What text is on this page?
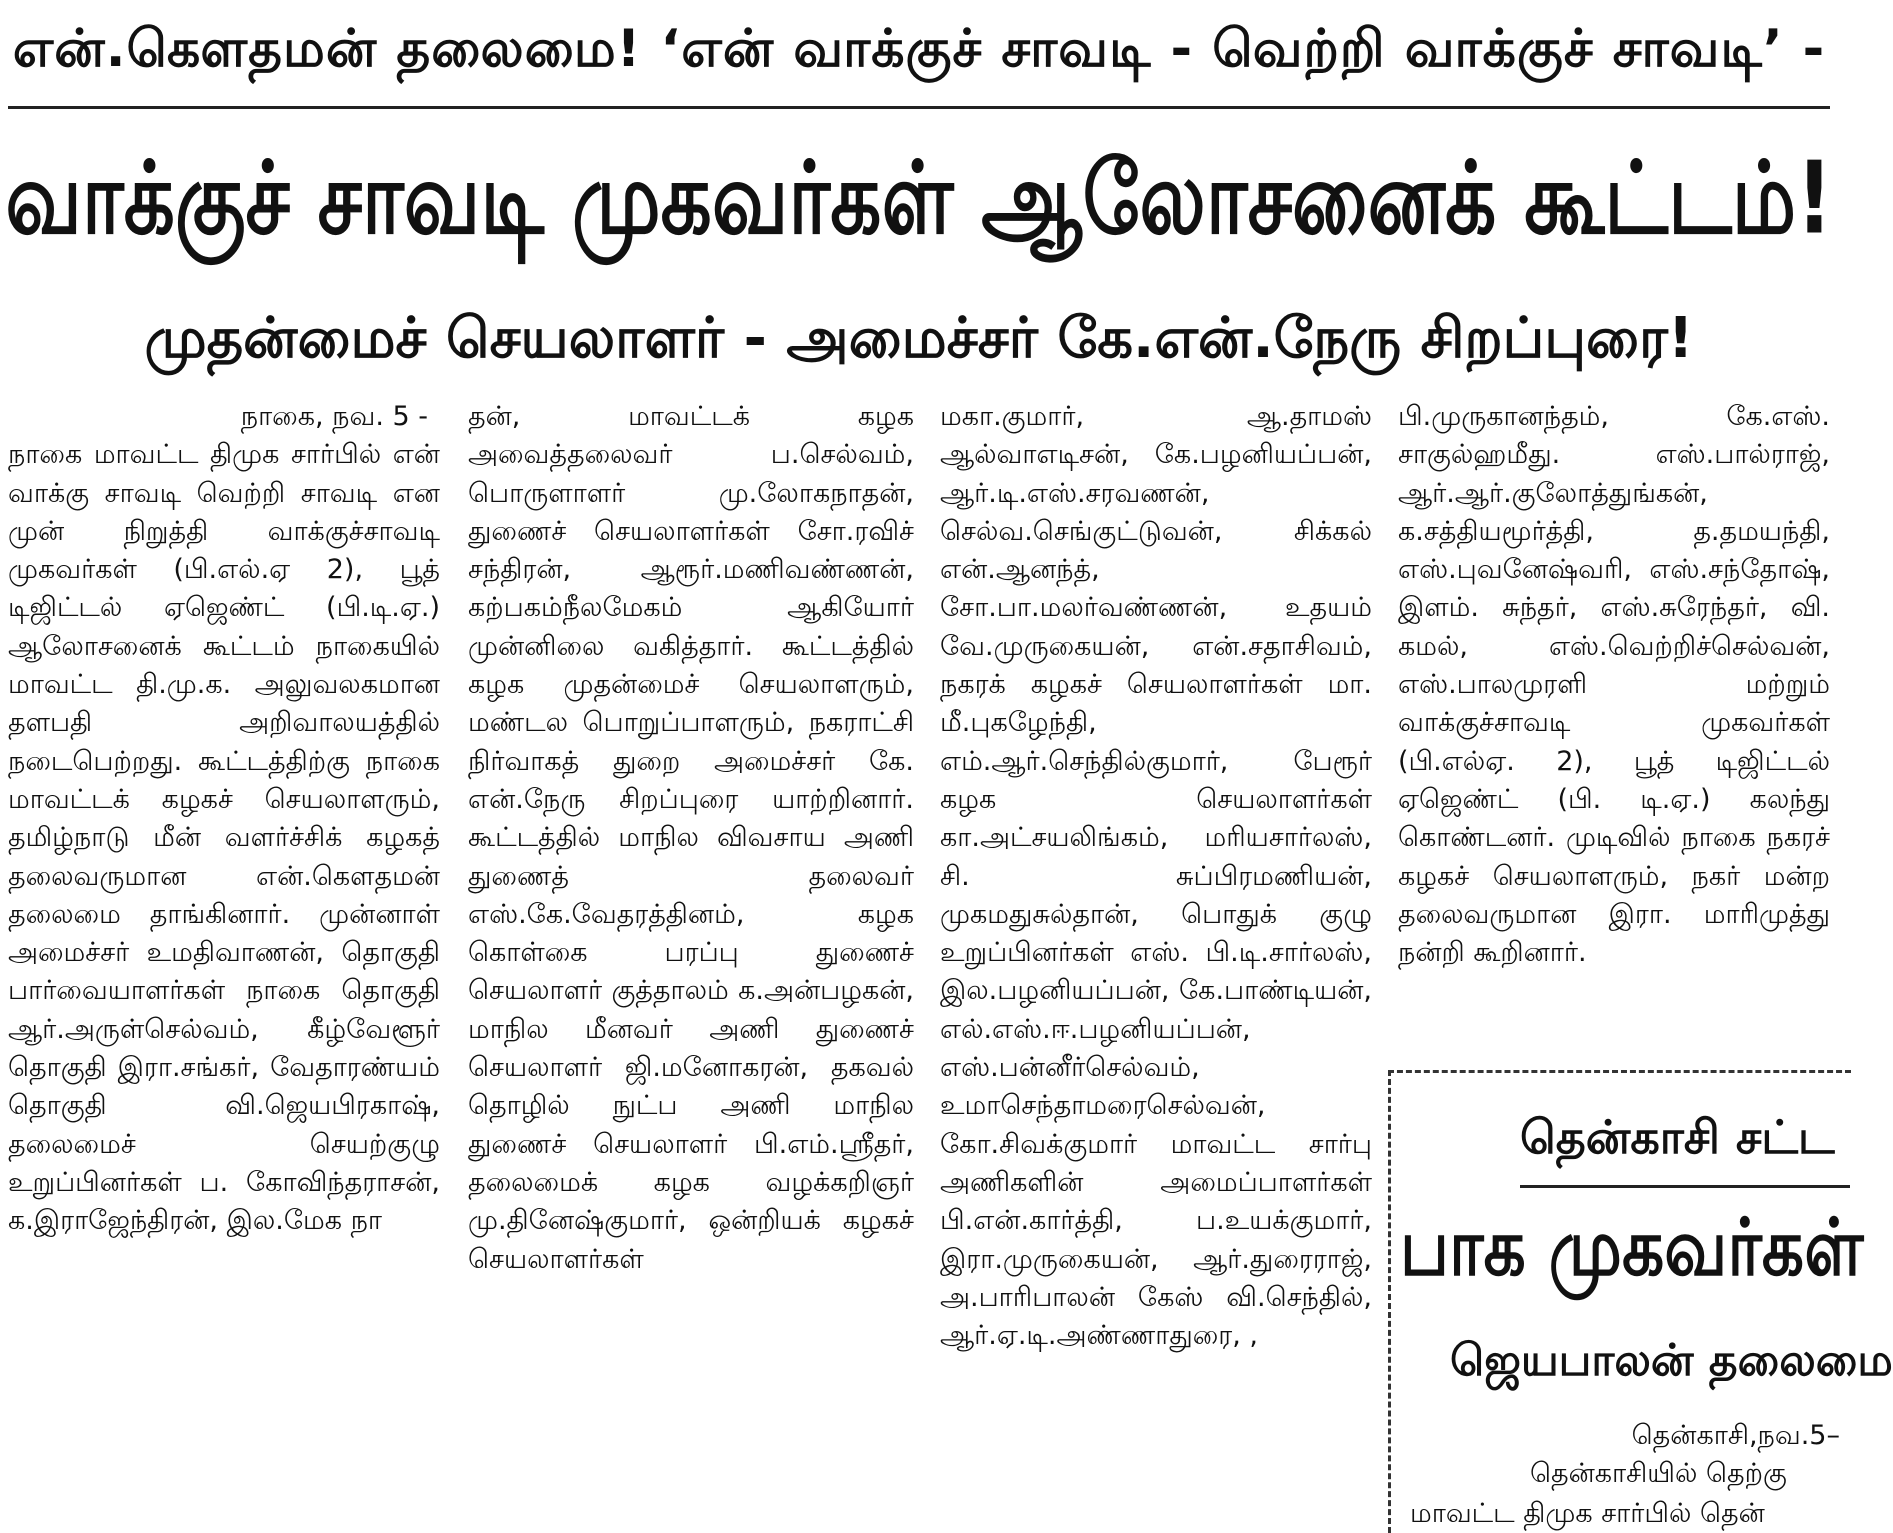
என்.கௌதமன் தலைமை! ‘என் வாக்குச் சாவடி - வெற்றி வாக்குச் சாவடி’ -
வாக்குச் சாவடி முகவர்கள் ஆலோசனைக் கூட்டம்!
முதன்மைச் செயலாளர் - அமைச்சர் கே.என்.நேரு சிறப்புரை!

நாகை, நவ. 5 -

நாகை மாவட்ட திமுக சார்பில் என் வாக்கு சாவடி வெற்றி சாவடி என முன் நிறுத்தி வாக்குச்சாவடி முகவர்கள் (பி.எல்.ஏ 2), பூத் டிஜிட்டல் ஏஜெண்ட் (பி.டி.ஏ.) ஆலோசனைக் கூட்டம் நாகையில் மாவட்ட தி.மு.க. அலுவலகமான தளபதி அறிவாலயத்தில் நடைபெற்றது. கூட்டத்திற்கு நாகை மாவட்டக் கழகச் செயலாளரும், தமிழ்நாடு மீன் வளர்ச்சிக் கழகத் தலைவருமான என்.கௌதமன் தலைமை தாங்கினார். முன்னாள் அமைச்சர் உமதிவாணன், தொகுதி பார்வையாளர்கள் நாகை தொகுதி ஆர்.அருள்செல்வம், கீழ்வேளூர் தொகுதி இரா.சங்கர், வேதாரண்யம் தொகுதி வி.ஜெயபிரகாஷ், தலைமைச் செயற்குழு உறுப்பினர்கள் ப. கோவிந்தராசன், க.இராஜேந்திரன், இல.மேக நா

தன், மாவட்டக் கழக அவைத்தலைவர் ப.செல்வம், பொருளாளர் மு.லோகநாதன், துணைச் செயலாளர்கள் சோ.ரவிச் சந்திரன், ஆரூர்.மணிவண்ணன், கற்பகம்நீலமேகம் ஆகியோர் முன்னிலை வகித்தார். கூட்டத்தில் கழக முதன்மைச் செயலாளரும், மண்டல பொறுப்பாளரும், நகராட்சி நிர்வாகத் துறை அமைச்சர் கே. என்.நேரு சிறப்புரை யாற்றினார். கூட்டத்தில் மாநில விவசாய அணி துணைத் தலைவர் எஸ்.கே.வேதரத்தினம், கழக கொள்கை பரப்பு துணைச் செயலாளர் குத்தாலம் க.அன்பழகன், மாநில மீனவர் அணி துணைச் செயலாளர் ஜி.மனோகரன், தகவல் தொழில் நுட்ப அணி மாநில துணைச் செயலாளர் பி.எம்.ஸ்ரீதர், தலைமைக் கழக வழக்கறிஞர் மு.தினேஷ்குமார், ஒன்றியக் கழகச் செயலாளர்கள்

மகா.குமார், ஆ.தாமஸ் ஆல்வாஎடிசன், கே.பழனியப்பன், ஆர்.டி.எஸ்.சரவணன், செல்வ.செங்குட்டுவன், சிக்கல் என்.ஆனந்த், சோ.பா.மலர்வண்ணன், உதயம் வே.முருகையன், என்.சதாசிவம், நகரக் கழகச் செயலாளர்கள் மா. மீ.புகழேந்தி, எம்.ஆர்.செந்தில்குமார், பேரூர் கழக செயலாளர்கள் கா.அட்சயலிங்கம், மரியசார்லஸ், சி. சுப்பிரமணியன், முகமதுசுல்தான், பொதுக் குழு உறுப்பினர்கள் எஸ். பி.டி.சார்லஸ், இல.பழனியப்பன், கே.பாண்டியன், எல்.எஸ்.ஈ.பழனியப்பன், எஸ்.பன்னீர்செல்வம், உமாசெந்தாமரைசெல்வன், கோ.சிவக்குமார் மாவட்ட சார்பு அணிகளின் அமைப்பாளர்கள் பி.என்.கார்த்தி, ப.உயக்குமார், இரா.முருகையன், ஆர்.துரைராஜ், அ.பாரிபாலன் கேஸ் வி.செந்தில், ஆர்.ஏ.டி.அண்ணாதுரை, ,

பி.முருகானந்தம், கே.எஸ். சாகுல்ஹமீது. எஸ்.பால்ராஜ், ஆர்.ஆர்.குலோத்துங்கன், க.சத்தியமூர்த்தி, த.தமயந்தி, எஸ்.புவனேஷ்வரி, எஸ்.சந்தோஷ், இளம். சுந்தர், எஸ்.சுரேந்தர், வி. கமல், எஸ்.வெற்றிச்செல்வன், எஸ்.பாலமுரளி மற்றும் வாக்குச்சாவடி முகவர்கள் (பி.எல்ஏ. 2), பூத் டிஜிட்டல் ஏஜெண்ட் (பி. டி.ஏ.) கலந்து கொண்டனர். முடிவில் நாகை நகரச் கழகச் செயலாளரும், நகர் மன்ற தலைவருமான இரா. மாரிமுத்து நன்றி கூறினார்.

தென்காசி சட்ட
பாக முகவர்கள்
ஜெயபாலன் தலைமை
தென்காசி,நவ.5–
தென்காசியில் தெற்கு
மாவட்ட திமுக சார்பில் தென்
